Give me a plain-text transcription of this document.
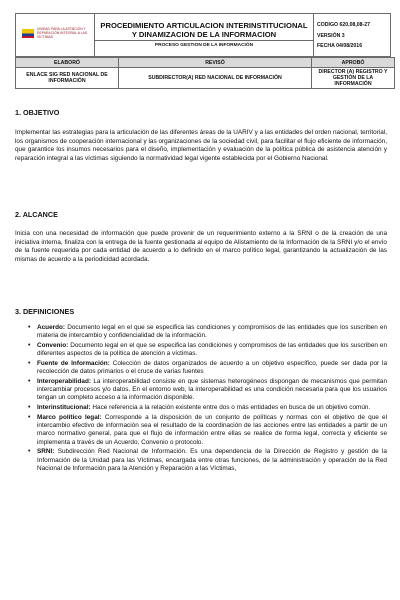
UNIDAD PARA LA ATENCIÓN Y REPARACIÓN INTEGRAL A LAS VÍCTIMAS

PROCEDIMIENTO ARTICULACION INTERINSTITUCIONAL Y DINAMIZACION DE LA INFORMACION
PROCESO GESTION DE LA INFORMACIÓN

CODIGO 620,08,08-27
VERSIÓN 3
FECHA 04/08/2016
ELABORÓ	REVISÓ	APROBÓ
ENLACE SIG RED NACIONAL DE INFORMACIÓN	SUBDIRECTOR(A) RED NACIONAL DE INFORMACIÓN	DIRECTOR (A) REGISTRO Y GESTIÓN DE LA INFORMACIÓN
1. OBJETIVO

Implementar las estrategias para la articulación de las diferentes áreas de la UARIV y a las entidades del orden nacional, territorial, los organismos de cooperación internacional y las organizaciones de la sociedad civil, para facilitar el flujo eficiente de información, que garantice los insumos necesarios para el diseño, implementación y evaluación de la política pública de asistencia atención y reparación integral a las víctimas siguiendo la normatividad legal vigente establecida por el Gobierno Nacional.

2. ALCANCE

Inicia con una necesidad de información que puede provenir de un requerimiento externo a la SRNI o de la creación de una iniciativa interna, finaliza con la entrega de la fuente gestionada al equipo de Alistamiento de la Información de la SRNI y/o el envío de la fuente requerida por cada entidad de acuerdo a lo definido en el marco político legal, garantizando la actualización de las mismas de acuerdo a la periodicidad acordada.

3. DEFINICIONES
• Acuerdo: Documento legal en el que se especifica las condiciones y compromisos de las entidades que los suscriben en materia de intercambio y confidencialidad de la información.
• Convenio: Documento legal en el que se especifica las condiciones y compromisos de las entidades que los suscriben en diferentes aspectos de la política de atención a víctimas.
• Fuente de Información: Colección de datos organizados de acuerdo a un objetivo específico, puede ser dada por la recolección de datos primarios o el cruce de varias fuentes
• Interoperabilidad: La interoperabilidad consiste en que sistemas heterogéneos dispongan de mecanismos que permitan intercambiar procesos y/o datos. En el entorno web, la interoperabilidad es una condición necesaria para que los usuarios tengan un completo acceso a la información disponible.
• Interinstitucional: Hace referencia a la relación existente entre dos o más entidades en busca de un objetivo común.
• Marco político legal: Corresponde a la disposición de un conjunto de políticas y normas con el objetivo de que el intercambio efectivo de información sea el resultado de la coordinación de las acciones entre las entidades a partir de un marco normativo general, para que el flujo de información entre ellas se realice de forma legal, correcta y eficiente se implementa a través de un Acuerdo, Convenio o protocolo.
• SRNI: Subdirección Red Nacional de Información. Es una dependencia de la Dirección de Registro y gestión de la Información de la Unidad para las Víctimas, encargada entre otras funciones, de la administración y operación de la Red Nacional de Información para la Atención y Reparación a las Víctimas,
